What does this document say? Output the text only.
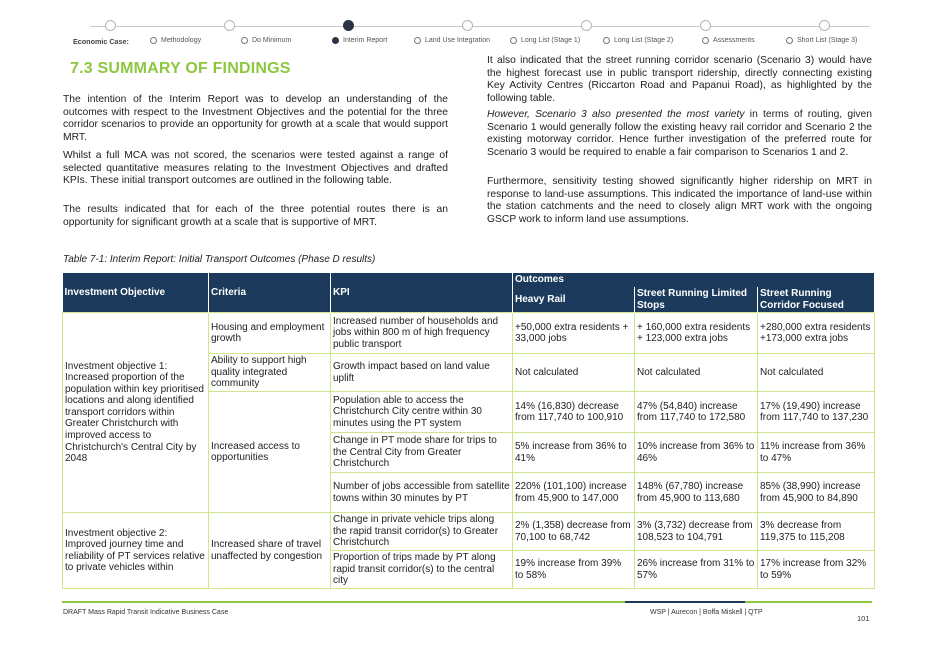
Economic Case:	Methodology	Do Minimum	Interim Report	Land Use Integration	Long List (Stage 1)	Long List (Stage 2)	Assessments	Short List (Stage 3)
7.3 SUMMARY OF FINDINGS

The intention of the Interim Report was to develop an understanding of the outcomes with respect to the Investment Objectives and the potential for the three corridor scenarios to provide an opportunity for growth at a scale that would support MRT.

Whilst a full MCA was not scored, the scenarios were tested against a range of selected quantitative measures relating to the Investment Objectives and drafted KPIs. These initial transport outcomes are outlined in the following table.

The results indicated that for each of the three potential routes there is an opportunity for significant growth at a scale that is supportive of MRT.

It also indicated that the street running corridor scenario (Scenario 3) would have the highest forecast use in public transport ridership, directly connecting existing Key Activity Centres (Riccarton Road and Papanui Road), as highlighted by the following table.

However, Scenario 3 also presented the most variety in terms of routing, given Scenario 1 would generally follow the existing heavy rail corridor and Scenario 2 the existing motorway corridor. Hence further investigation of the preferred route for Scenario 3 would be required to enable a fair comparison to Scenarios 1 and 2.

Furthermore, sensitivity testing showed significantly higher ridership on MRT in response to land-use assumptions. This indicated the importance of land-use within the station catchments and the need to closely align MRT work with the ongoing GSCP work to inform land use assumptions.

Table 7-1: Interim Report: Initial Transport Outcomes (Phase D results)
Investment Objective	Criteria	KPI	Outcomes		
			Heavy Rail	Street Running Limited Stops	Street Running Corridor Focused
Investment objective 1: Increased proportion of the population within key prioritised locations and along identified transport corridors within Greater Christchurch with improved access to Christchurch's Central City by 2048	Housing and employment growth	Increased number of households and jobs within 800 m of high frequency public transport	+50,000 extra residents + 33,000 jobs	+ 160,000 extra residents + 123,000 extra jobs	+280,000 extra residents +173,000 extra jobs
	Ability to support high quality integrated community	Growth impact based on land value uplift	Not calculated	Not calculated	Not calculated
	Increased access to opportunities	Population able to access the Christchurch City centre within 30 minutes using the PT system	14% (16,830) decrease from 117,740 to 100,910	47% (54,840) increase from 117,740 to 172,580	17% (19,490) increase from 117,740 to 137,230
		Change in PT mode share for trips to the Central City from Greater Christchurch	5% increase from 36% to 41%	10% increase from 36% to 46%	11% increase from 36% to 47%
		Number of jobs accessible from satellite towns within 30 minutes by PT	220% (101,100) increase from 45,900 to 147,000	148% (67,780) increase from 45,900 to 113,680	85% (38,990) increase from 45,900 to 84,890
Investment objective 2: Improved journey time and reliability of PT services relative to private vehicles within	Increased share of travel unaffected by congestion	Change in private vehicle trips along the rapid transit corridor(s) to Greater Christchurch	2% (1,358) decrease from 70,100 to 68,742	3% (3,732) decrease from 108,523 to 104,791	3% decrease from 119,375 to 115,208
		Proportion of trips made by PT along rapid transit corridor(s) to the central city	19% increase from 39% to 58%	26% increase from 31% to 57%	17% increase from 32% to 59%
DRAFT Mass Rapid Transit Indicative Business Case	WSP | Aurecon | Boffa Miskell | QTP
101
